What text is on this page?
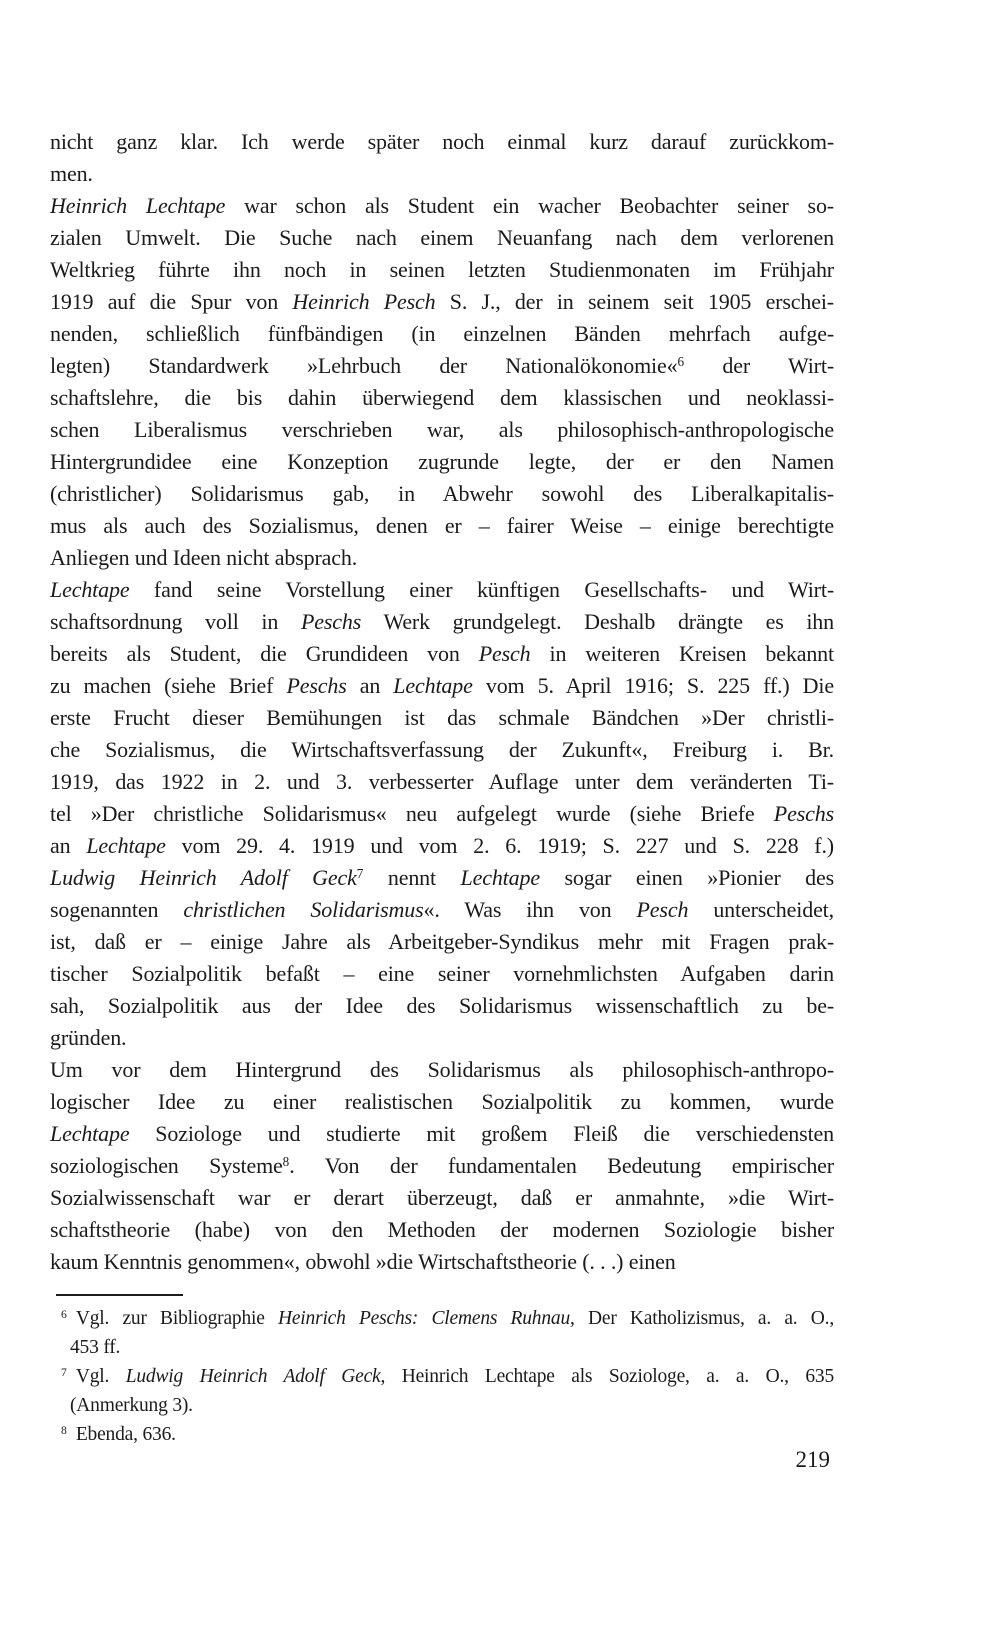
nicht ganz klar. Ich werde später noch einmal kurz darauf zurückkom-
men.
Heinrich Lechtape war schon als Student ein wacher Beobachter seiner so-
zialen Umwelt. Die Suche nach einem Neuanfang nach dem verlorenen
Weltkrieg führte ihn noch in seinen letzten Studienmonaten im Frühjahr
1919 auf die Spur von Heinrich Pesch S. J., der in seinem seit 1905 erschei-
nenden, schließlich fünfbändigen (in einzelnen Bänden mehrfach aufge-
legten) Standardwerk »Lehrbuch der Nationalökonomie«$^6$ der Wirt-
schaftslehre, die bis dahin überwiegend dem klassischen und neoklassi-
schen Liberalismus verschrieben war, als philosophisch-anthropologische
Hintergrundidee eine Konzeption zugrunde legte, der er den Namen
(christlicher) Solidarismus gab, in Abwehr sowohl des Liberalkapitalis-
mus als auch des Sozialismus, denen er – fairer Weise – einige berechtigte
Anliegen und Ideen nicht absprach.
Lechtape fand seine Vorstellung einer künftigen Gesellschafts- und Wirt-
schaftsordnung voll in Peschs Werk grundgelegt. Deshalb drängte es ihn
bereits als Student, die Grundideen von Pesch in weiteren Kreisen bekannt
zu machen (siehe Brief Peschs an Lechtape vom 5. April 1916; S. 225 ff.) Die
erste Frucht dieser Bemühungen ist das schmale Bändchen »Der christli-
che Sozialismus, die Wirtschaftsverfassung der Zukunft«, Freiburg i. Br.
1919, das 1922 in 2. und 3. verbesserter Auflage unter dem veränderten Ti-
tel »Der christliche Solidarismus« neu aufgelegt wurde (siehe Briefe Peschs
an Lechtape vom 29. 4. 1919 und vom 2. 6. 1919; S. 227 und S. 228 f.)
Ludwig Heinrich Adolf Geck$^7$ nennt Lechtape sogar einen »Pionier des
sogenannten christlichen Solidarismus«. Was ihn von Pesch unterscheidet,
ist, daß er – einige Jahre als Arbeitgeber-Syndikus mehr mit Fragen prak-
tischer Sozialpolitik befaßt – eine seiner vornehmlichsten Aufgaben darin
sah, Sozialpolitik aus der Idee des Solidarismus wissenschaftlich zu be-
gründen.
Um vor dem Hintergrund des Solidarismus als philosophisch-anthropo-
logischer Idee zu einer realistischen Sozialpolitik zu kommen, wurde
Lechtape Soziologe und studierte mit großem Fleiß die verschiedensten
soziologischen Systeme$^8$. Von der fundamentalen Bedeutung empirischer
Sozialwissenschaft war er derart überzeugt, daß er anmahnte, »die Wirt-
schaftstheorie (habe) von den Methoden der modernen Soziologie bisher
kaum Kenntnis genommen«, obwohl »die Wirtschaftstheorie (. . .) einen
$^6$ Vgl. zur Bibliographie Heinrich Peschs: Clemens Ruhnau, Der Katholizismus, a. a. O.,
453 ff.
$^7$ Vgl. Ludwig Heinrich Adolf Geck, Heinrich Lechtape als Soziologe, a. a. O., 635
(Anmerkung 3).
$^8$ Ebenda, 636.
219
